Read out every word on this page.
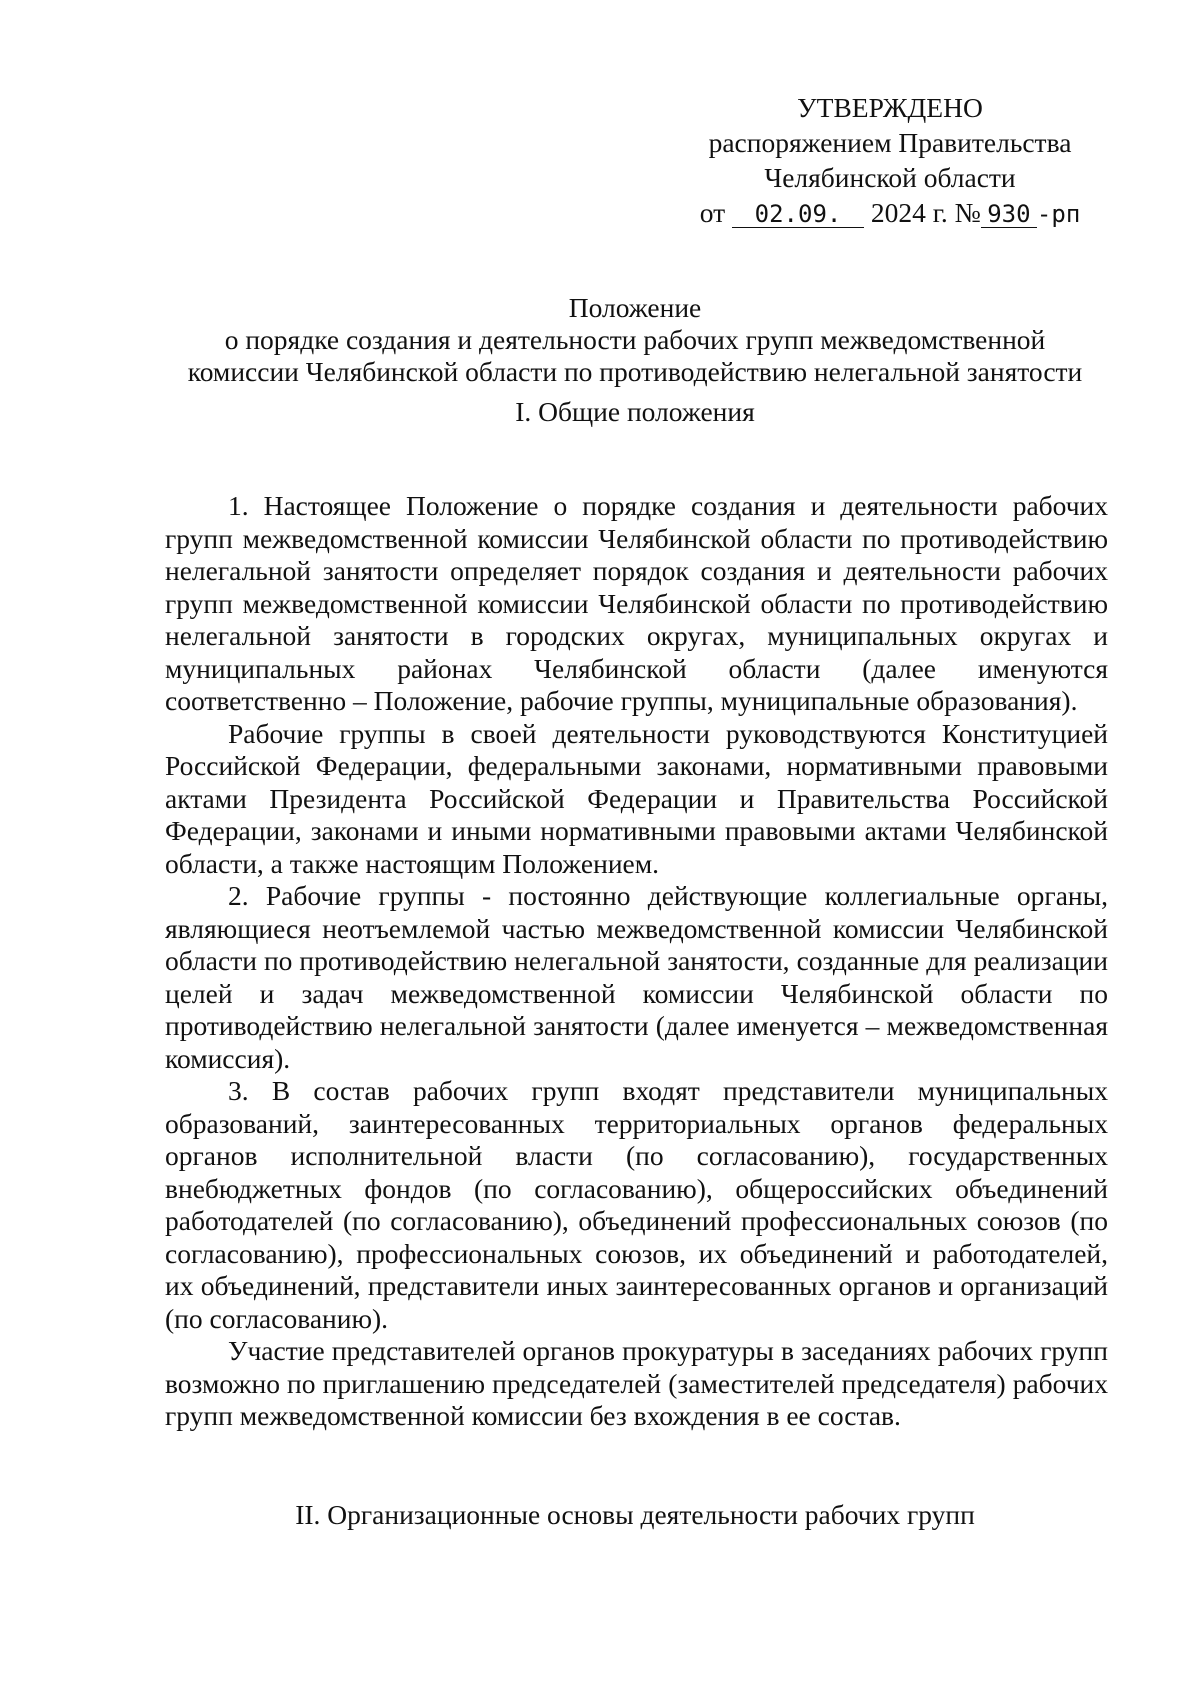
УТВЕРЖДЕНО
распоряжением Правительства
Челябинской области
от 02.09. 2024 г. № 930 -рп
Положение
о порядке создания и деятельности рабочих групп межведомственной
комиссии Челябинской области по противодействию нелегальной занятости
I. Общие положения

1. Настоящее Положение о порядке создания и деятельности рабочих групп межведомственной комиссии Челябинской области по противодействию нелегальной занятости определяет порядок создания и деятельности рабочих групп межведомственной комиссии Челябинской области по противодействию нелегальной занятости в городских округах, муниципальных округах и муниципальных районах Челябинской области (далее именуются соответственно – Положение, рабочие группы, муниципальные образования).

Рабочие группы в своей деятельности руководствуются Конституцией Российской Федерации, федеральными законами, нормативными правовыми актами Президента Российской Федерации и Правительства Российской Федерации, законами и иными нормативными правовыми актами Челябинской области, а также настоящим Положением.

2. Рабочие группы - постоянно действующие коллегиальные органы, являющиеся неотъемлемой частью межведомственной комиссии Челябинской области по противодействию нелегальной занятости, созданные для реализации целей и задач межведомственной комиссии Челябинской области по противодействию нелегальной занятости (далее именуется – межведомственная комиссия).

3. В состав рабочих групп входят представители муниципальных образований, заинтересованных территориальных органов федеральных органов исполнительной власти (по согласованию), государственных внебюджетных фондов (по согласованию), общероссийских объединений работодателей (по согласованию), объединений профессиональных союзов (по согласованию), профессиональных союзов, их объединений и работодателей, их объединений, представители иных заинтересованных органов и организаций (по согласованию).

Участие представителей органов прокуратуры в заседаниях рабочих групп возможно по приглашению председателей (заместителей председателя) рабочих групп межведомственной комиссии без вхождения в ее состав.

II. Организационные основы деятельности рабочих групп
